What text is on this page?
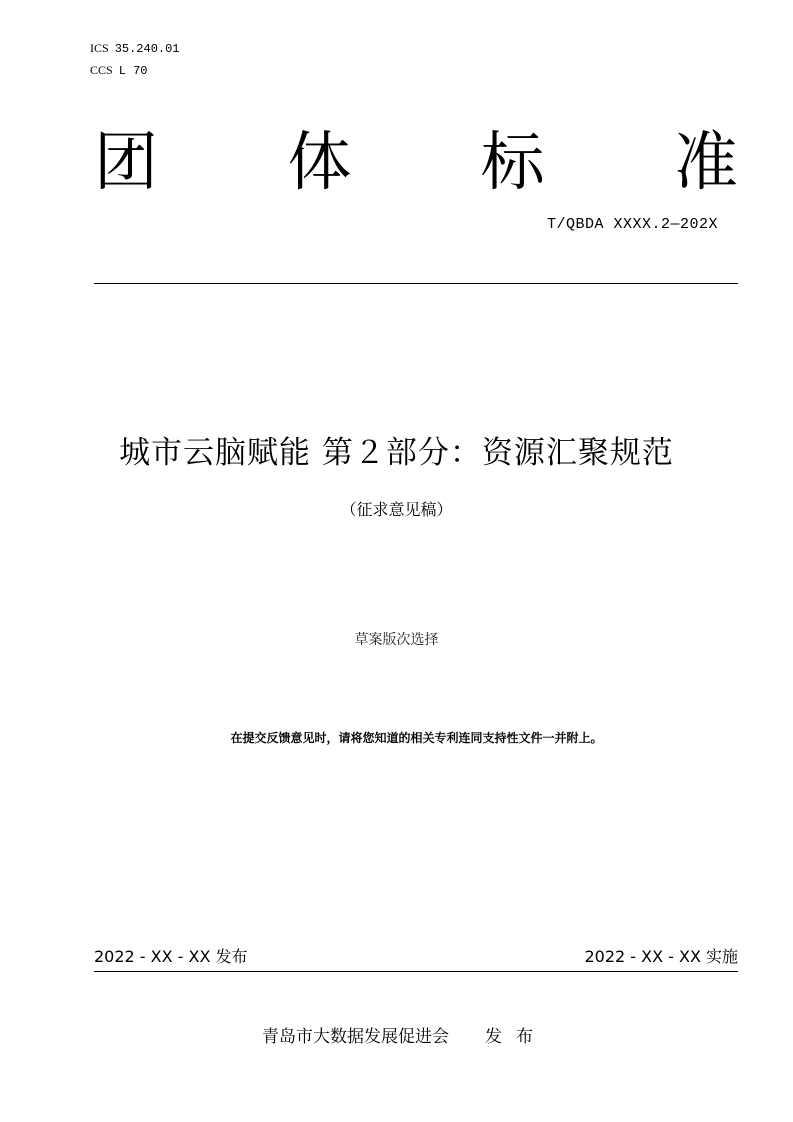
ICS 35.240.01
CCS L 70
团 体 标 准
T/QBDA XXXX.2—202X
城市云脑赋能 第２部分：资源汇聚规范
（征求意见稿）
草案版次选择
在提交反馈意见时，请将您知道的相关专利连同支持性文件一并附上。
2022 - XX - XX 发布	2022 - XX - XX 实施
青岛市大数据发展促进会 发布
